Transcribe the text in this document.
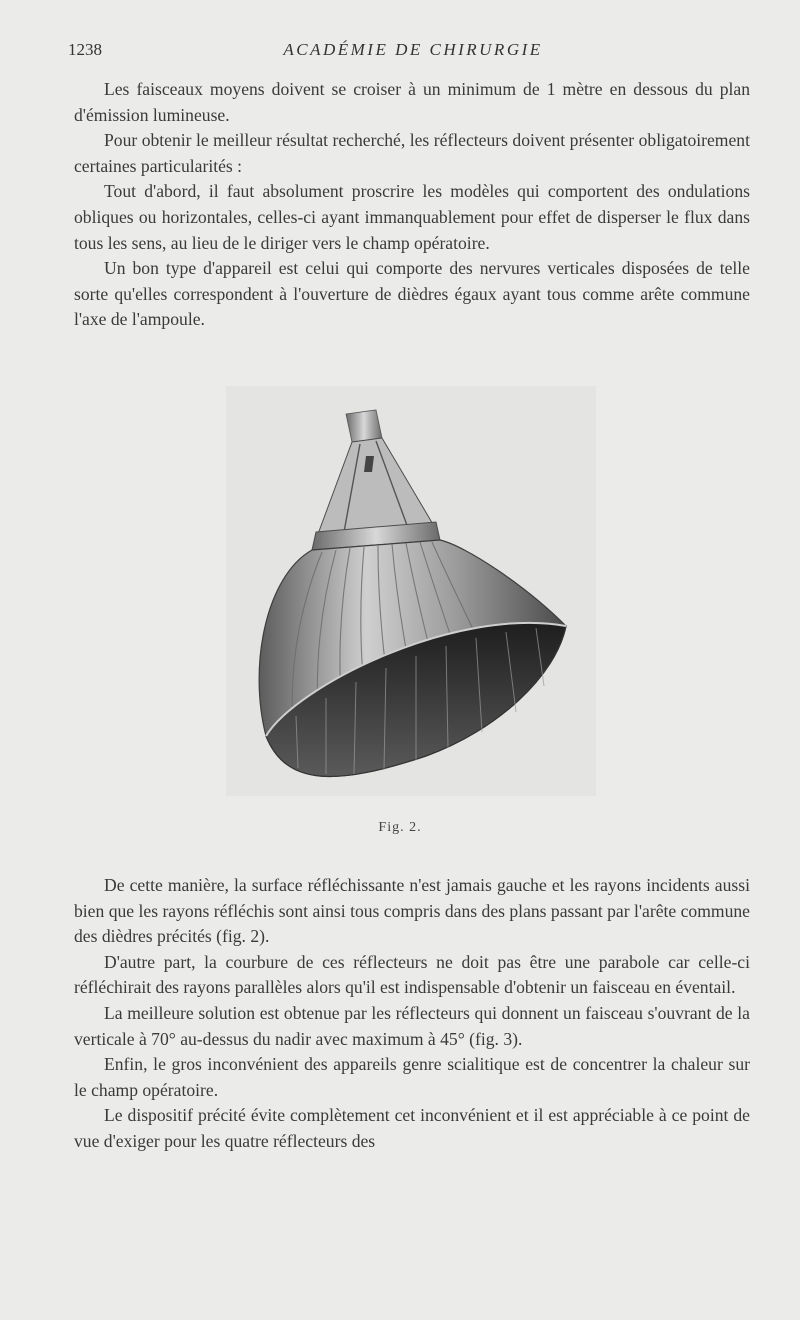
1238	ACADÉMIE DE CHIRURGIE

Les faisceaux moyens doivent se croiser à un minimum de 1 mètre en dessous du plan d'émission lumineuse.

Pour obtenir le meilleur résultat recherché, les réflecteurs doivent présenter obligatoirement certaines particularités :

Tout d'abord, il faut absolument proscrire les modèles qui comportent des ondulations obliques ou horizontales, celles-ci ayant immanquablement pour effet de disperser le flux dans tous les sens, au lieu de le diriger vers le champ opératoire.

Un bon type d'appareil est celui qui comporte des nervures verticales disposées de telle sorte qu'elles correspondent à l'ouverture de dièdres égaux ayant tous comme arête commune l'axe de l'ampoule.

Fig. 2.

De cette manière, la surface réfléchissante n'est jamais gauche et les rayons incidents aussi bien que les rayons réfléchis sont ainsi tous compris dans des plans passant par l'arête commune des dièdres précités (fig. 2).

D'autre part, la courbure de ces réflecteurs ne doit pas être une parabole car celle-ci réfléchirait des rayons parallèles alors qu'il est indispensable d'obtenir un faisceau en éventail.

La meilleure solution est obtenue par les réflecteurs qui donnent un faisceau s'ouvrant de la verticale à 70° au-dessus du nadir avec maximum à 45° (fig. 3).

Enfin, le gros inconvénient des appareils genre scialitique est de concentrer la chaleur sur le champ opératoire.

Le dispositif précité évite complètement cet inconvénient et il est appréciable à ce point de vue d'exiger pour les quatre réflecteurs des
